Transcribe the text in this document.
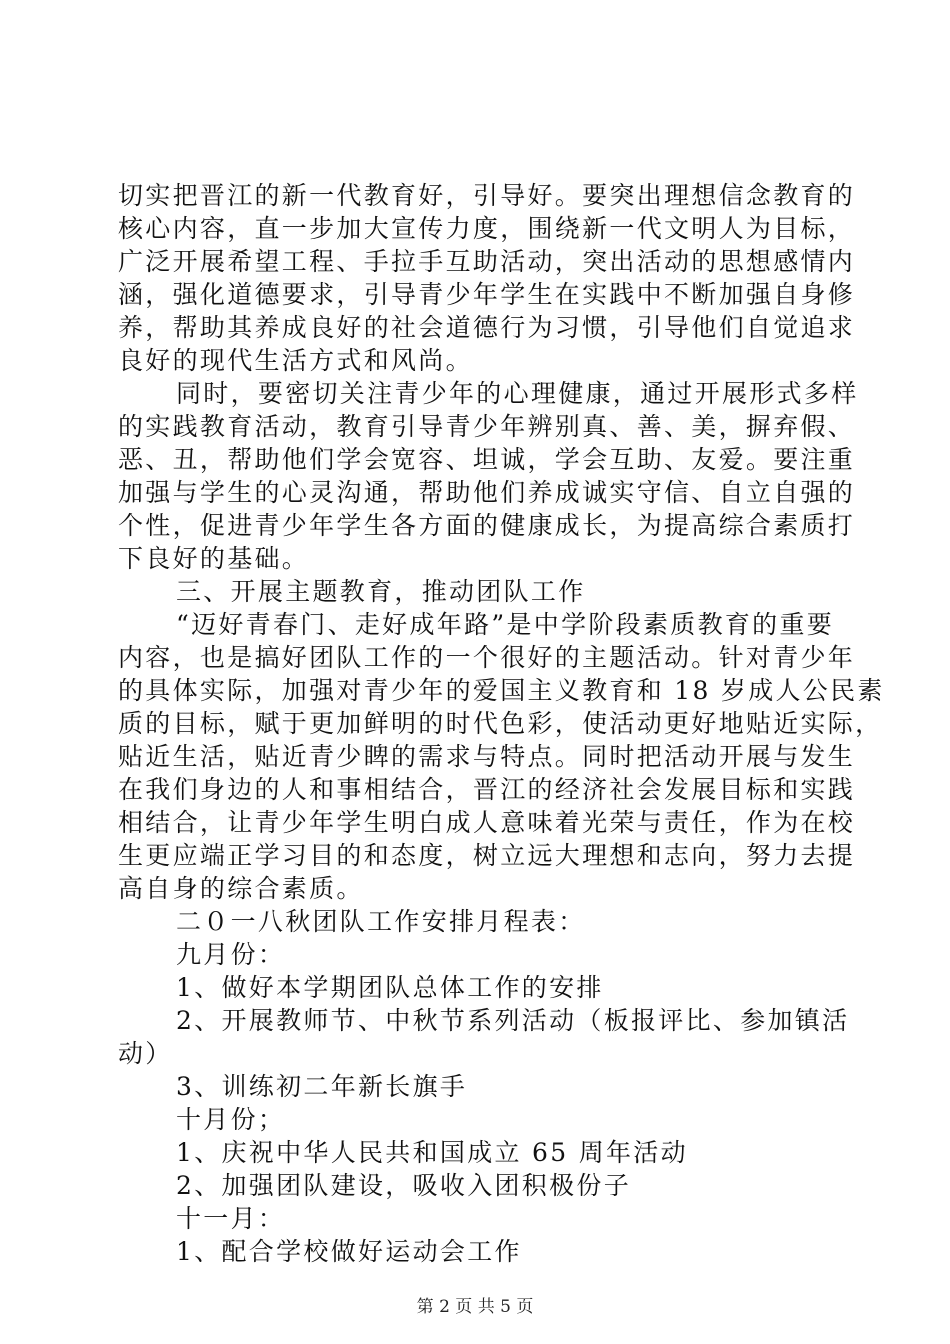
切实把晋江的新一代教育好，引导好。要突出理想信念教育的
核心内容，直一步加大宣传力度，围绕新一代文明人为目标，
广泛开展希望工程、手拉手互助活动，突出活动的思想感情内
涵，强化道德要求，引导青少年学生在实践中不断加强自身修
养，帮助其养成良好的社会道德行为习惯，引导他们自觉追求
良好的现代生活方式和风尚。
同时，要密切关注青少年的心理健康，通过开展形式多样
的实践教育活动，教育引导青少年辨别真、善、美，摒弃假、
恶、丑，帮助他们学会宽容、坦诚，学会互助、友爱。要注重
加强与学生的心灵沟通，帮助他们养成诚实守信、自立自强的
个性，促进青少年学生各方面的健康成长，为提高综合素质打
下良好的基础。
三、开展主题教育，推动团队工作
“迈好青春门、走好成年路”是中学阶段素质教育的重要
内容，也是搞好团队工作的一个很好的主题活动。针对青少年
的具体实际，加强对青少年的爱国主义教育和 18 岁成人公民素
质的目标，赋于更加鲜明的时代色彩，使活动更好地贴近实际，
贴近生活，贴近青少睥的需求与特点。同时把活动开展与发生
在我们身边的人和事相结合，晋江的经济社会发展目标和实践
相结合，让青少年学生明白成人意味着光荣与责任，作为在校
生更应端正学习目的和态度，树立远大理想和志向，努力去提
高自身的综合素质。
二０一八秋团队工作安排月程表：
九月份：
1、做好本学期团队总体工作的安排
2、开展教师节、中秋节系列活动（板报评比、参加镇活
动）
3、训练初二年新长旗手
十月份；
1、庆祝中华人民共和国成立 65 周年活动
2、加强团队建设，吸收入团积极份子
十一月：
1、配合学校做好运动会工作
第 2 页 共 5 页
